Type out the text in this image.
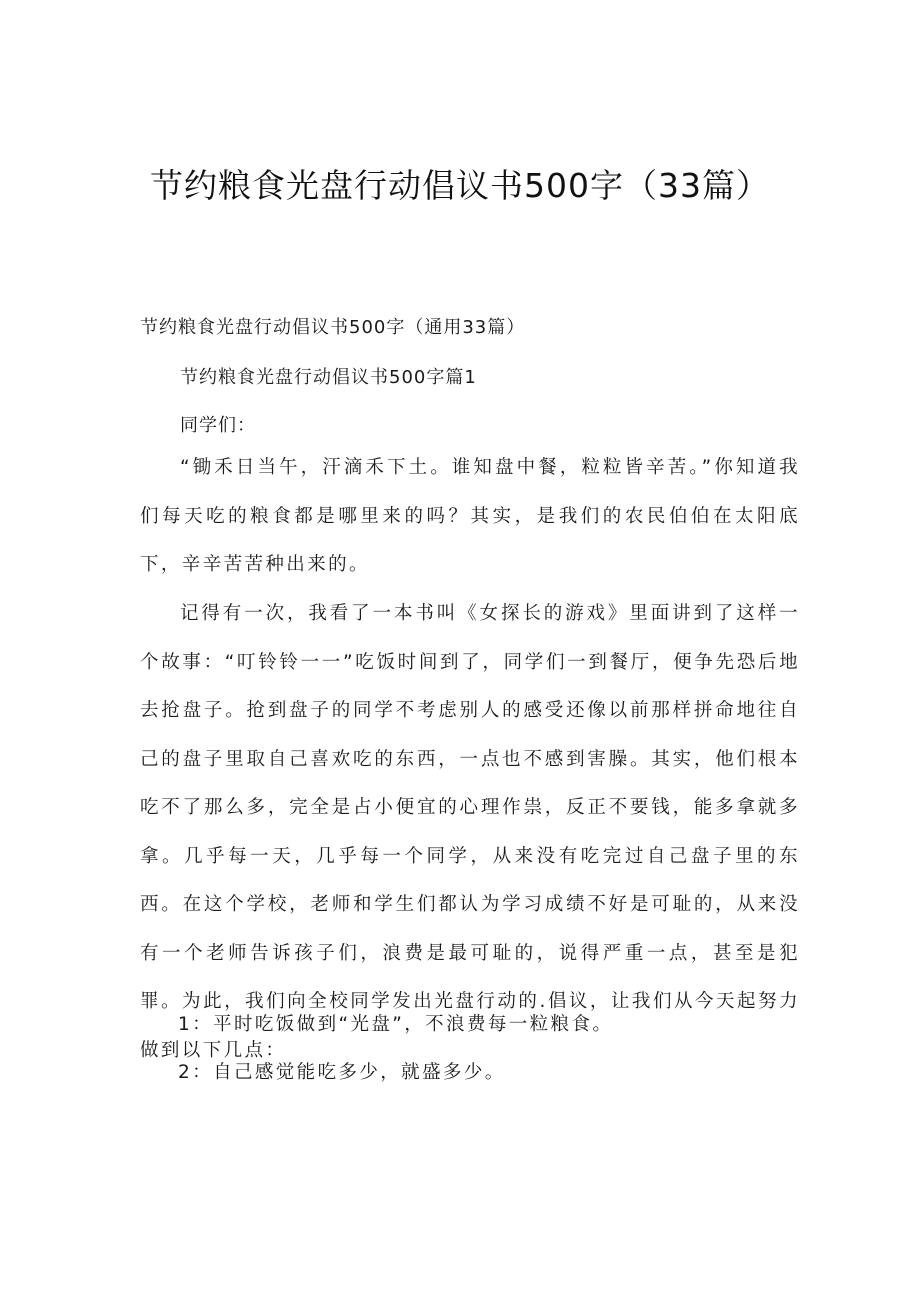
节约粮食光盘行动倡议书500字（33篇）
节约粮食光盘行动倡议书500字（通用33篇）
节约粮食光盘行动倡议书500字篇1
同学们：

“锄禾日当午，汗滴禾下土。谁知盘中餐，粒粒皆辛苦。”你知道我们每天吃的粮食都是哪里来的吗？其实，是我们的农民伯伯在太阳底下，辛辛苦苦种出来的。

记得有一次，我看了一本书叫《女探长的游戏》里面讲到了这样一个故事：“叮铃铃一一”吃饭时间到了，同学们一到餐厅，便争先恐后地去抢盘子。抢到盘子的同学不考虑别人的感受还像以前那样拼命地往自己的盘子里取自己喜欢吃的东西，一点也不感到害臊。其实，他们根本吃不了那么多，完全是占小便宜的心理作祟，反正不要钱，能多拿就多拿。几乎每一天，几乎每一个同学，从来没有吃完过自己盘子里的东西。在这个学校，老师和学生们都认为学习成绩不好是可耻的，从来没有一个老师告诉孩子们，浪费是最可耻的，说得严重一点，甚至是犯罪。为此，我们向全校同学发出光盘行动的.倡议，让我们从今天起努力做到以下几点：

1：平时吃饭做到“光盘”，不浪费每一粒粮食。
2：自己感觉能吃多少，就盛多少。
